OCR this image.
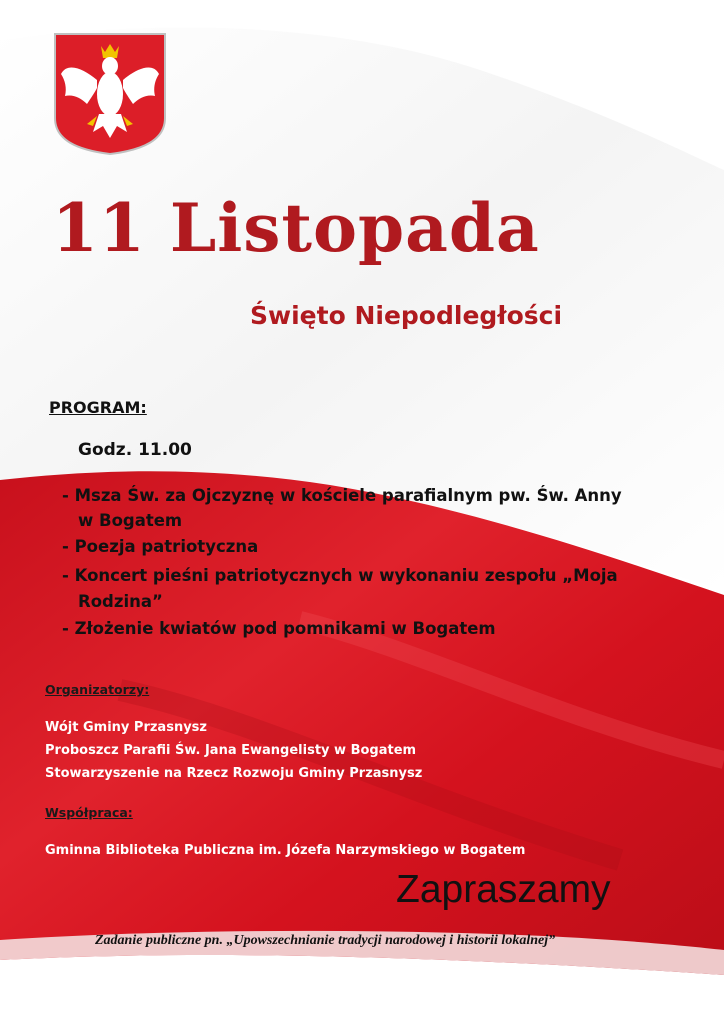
11 Listopada
Święto Niepodległości
PROGRAM:
Godz. 11.00
- Msza Św. za Ojczyznę w kościele parafialnym pw. Św. Anny
w Bogatem
- Poezja patriotyczna
- Koncert pieśni patriotycznych w wykonaniu zespołu „Moja
Rodzina”
- Złożenie kwiatów pod pomnikami w Bogatem
Organizatorzy:
Wójt Gminy Przasnysz
Proboszcz Parafii Św. Jana Ewangelisty w Bogatem
Stowarzyszenie na Rzecz Rozwoju Gminy Przasnysz
Współpraca:
Gminna Biblioteka Publiczna im. Józefa Narzymskiego w Bogatem
Zapraszamy
Zadanie publiczne pn. „Upowszechnianie tradycji narodowej i historii lokalnej”
